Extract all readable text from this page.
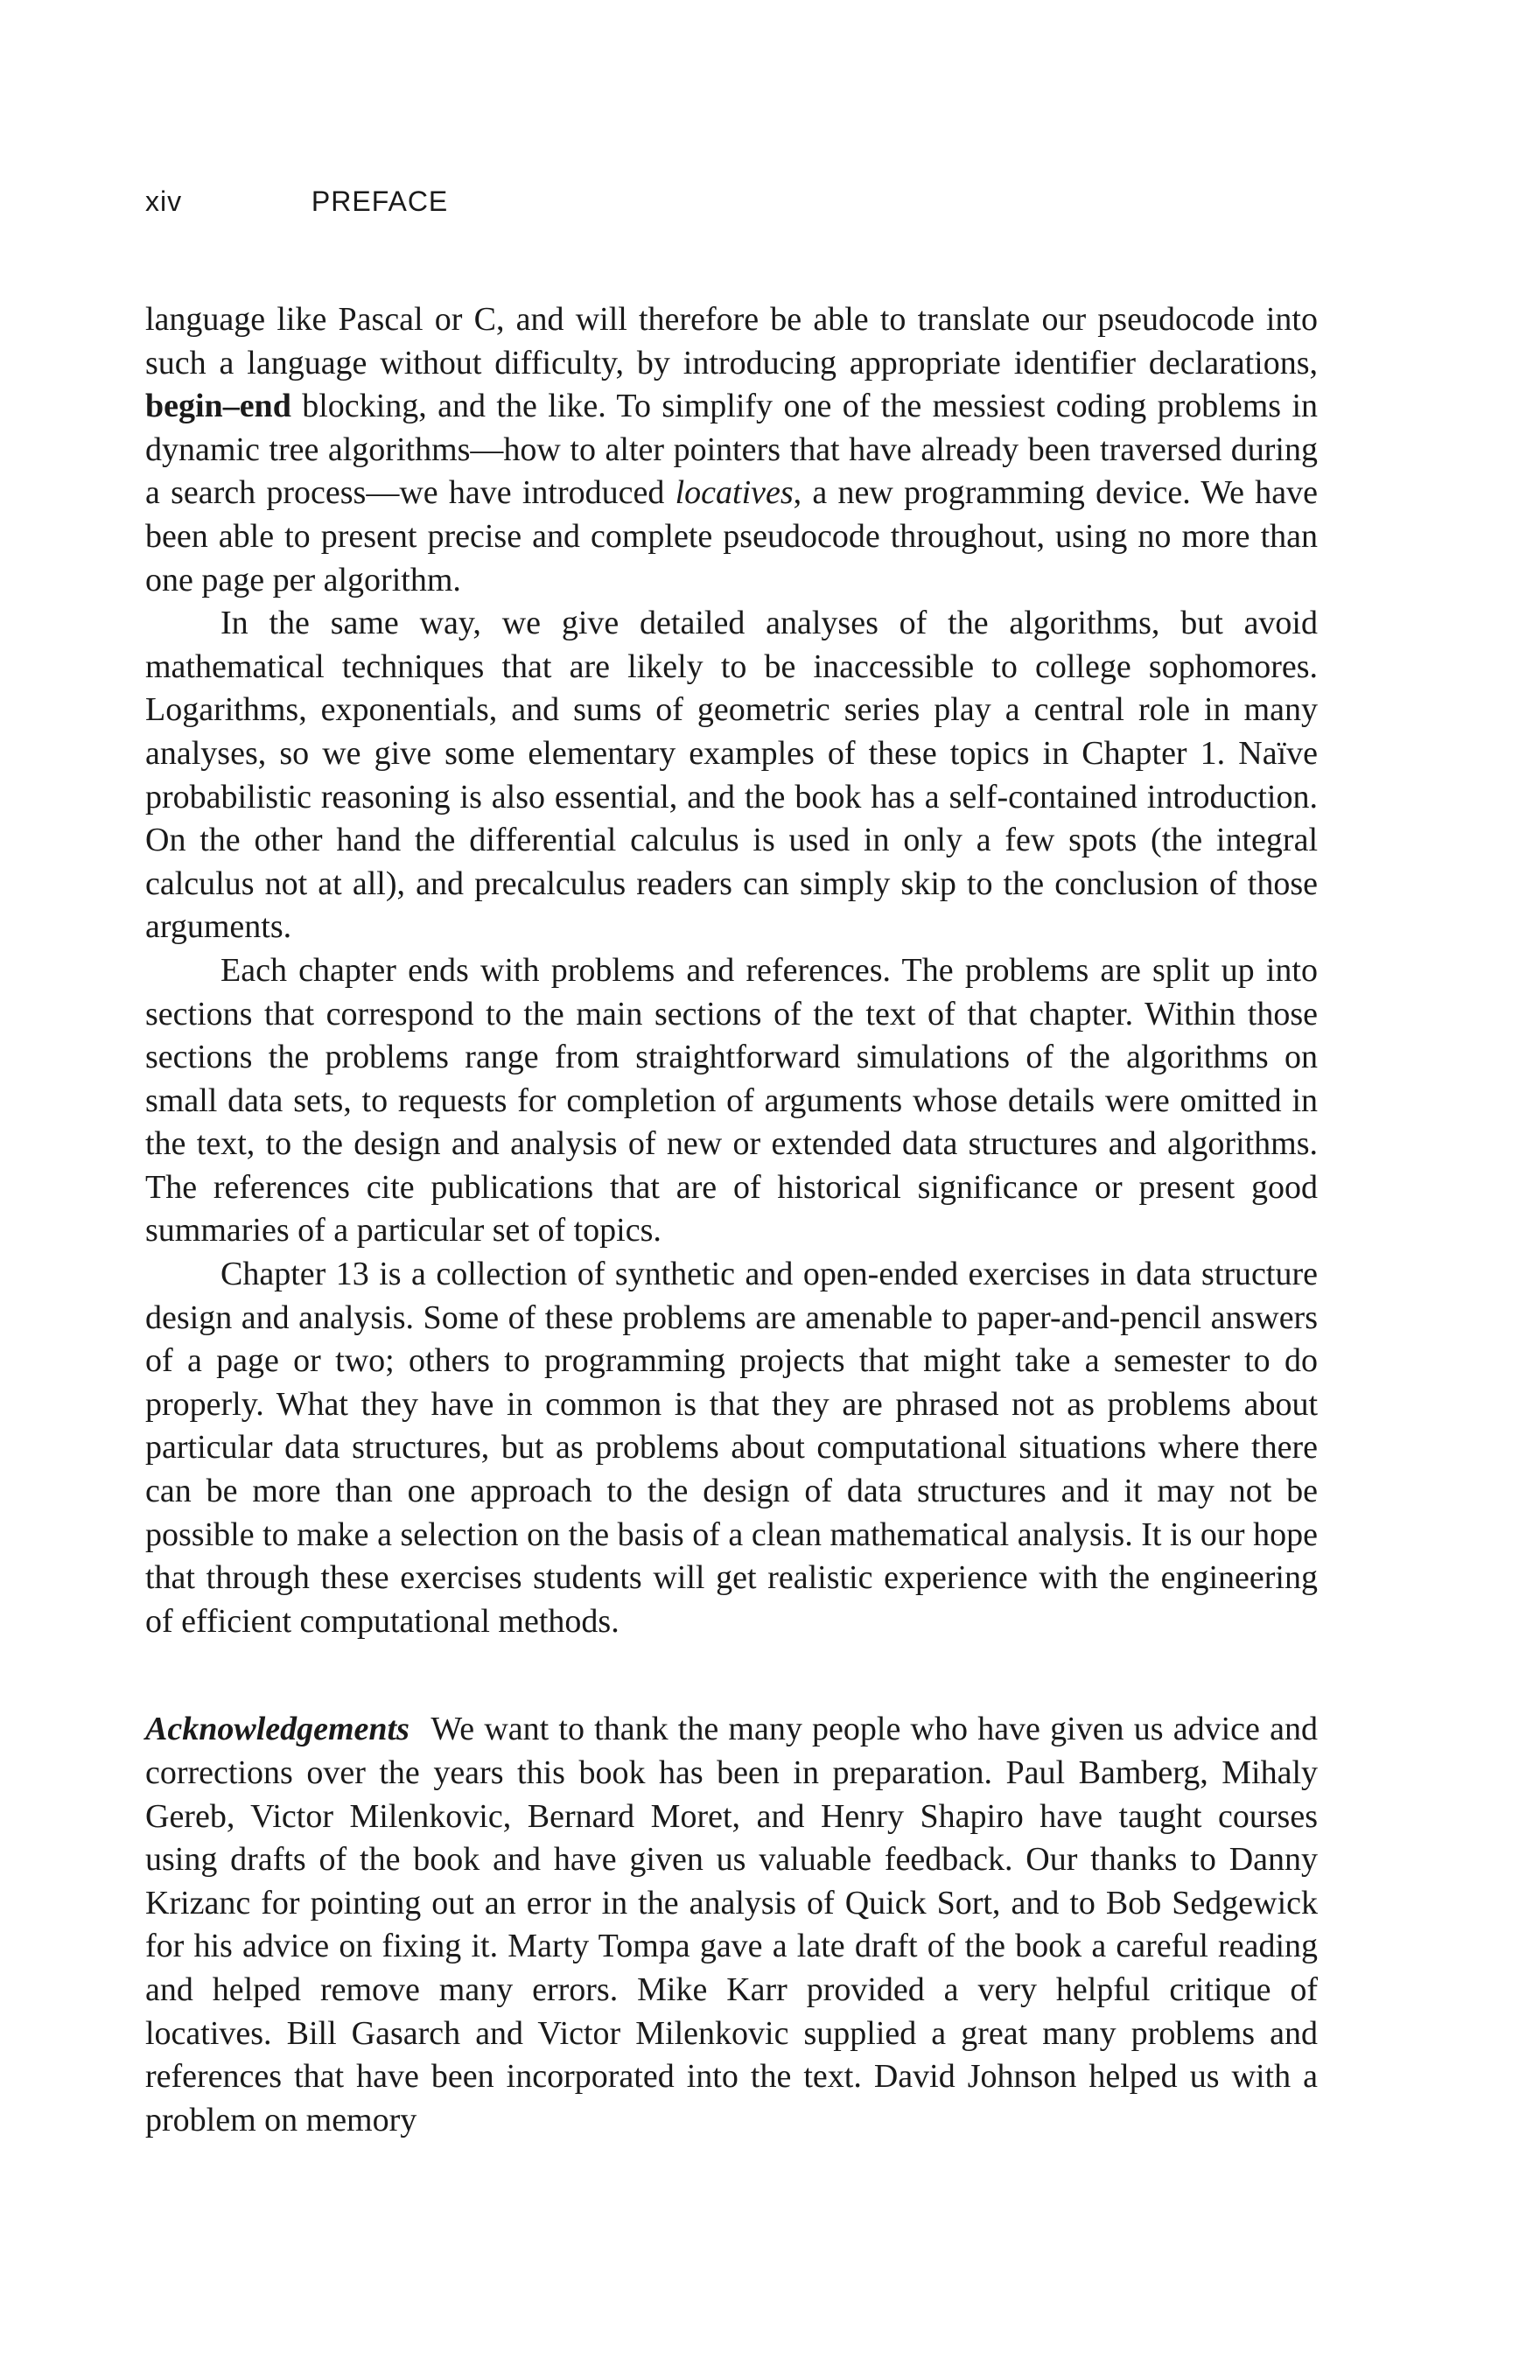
xiv	PREFACE

language like Pascal or C, and will therefore be able to translate our pseudocode into such a language without difficulty, by introducing appropriate identifier declarations, begin–end blocking, and the like. To simplify one of the messiest coding problems in dynamic tree algorithms—how to alter pointers that have already been traversed during a search process—we have introduced locatives, a new programming device. We have been able to present precise and complete pseudocode throughout, using no more than one page per algorithm.

In the same way, we give detailed analyses of the algorithms, but avoid mathematical techniques that are likely to be inaccessible to college sophomores. Logarithms, exponentials, and sums of geometric series play a central role in many analyses, so we give some elementary examples of these topics in Chapter 1. Naïve probabilistic reasoning is also essential, and the book has a self-contained introduction. On the other hand the differential calculus is used in only a few spots (the integral calculus not at all), and precalculus readers can simply skip to the conclusion of those arguments.

Each chapter ends with problems and references. The problems are split up into sections that correspond to the main sections of the text of that chapter. Within those sections the problems range from straightforward simulations of the algorithms on small data sets, to requests for completion of arguments whose details were omitted in the text, to the design and analysis of new or extended data structures and algorithms. The references cite publications that are of historical significance or present good summaries of a particular set of topics.

Chapter 13 is a collection of synthetic and open-ended exercises in data structure design and analysis. Some of these problems are amenable to paper-and-pencil answers of a page or two; others to programming projects that might take a semester to do properly. What they have in common is that they are phrased not as problems about particular data structures, but as problems about computational situations where there can be more than one approach to the design of data structures and it may not be possible to make a selection on the basis of a clean mathematical analysis. It is our hope that through these exercises students will get realistic experience with the engineering of efficient computational methods.

Acknowledgements We want to thank the many people who have given us advice and corrections over the years this book has been in preparation. Paul Bamberg, Mihaly Gereb, Victor Milenkovic, Bernard Moret, and Henry Shapiro have taught courses using drafts of the book and have given us valuable feedback. Our thanks to Danny Krizanc for pointing out an error in the analysis of Quick Sort, and to Bob Sedgewick for his advice on fixing it. Marty Tompa gave a late draft of the book a careful reading and helped remove many errors. Mike Karr provided a very helpful critique of locatives. Bill Gasarch and Victor Milenkovic supplied a great many problems and references that have been incorporated into the text. David Johnson helped us with a problem on memory
